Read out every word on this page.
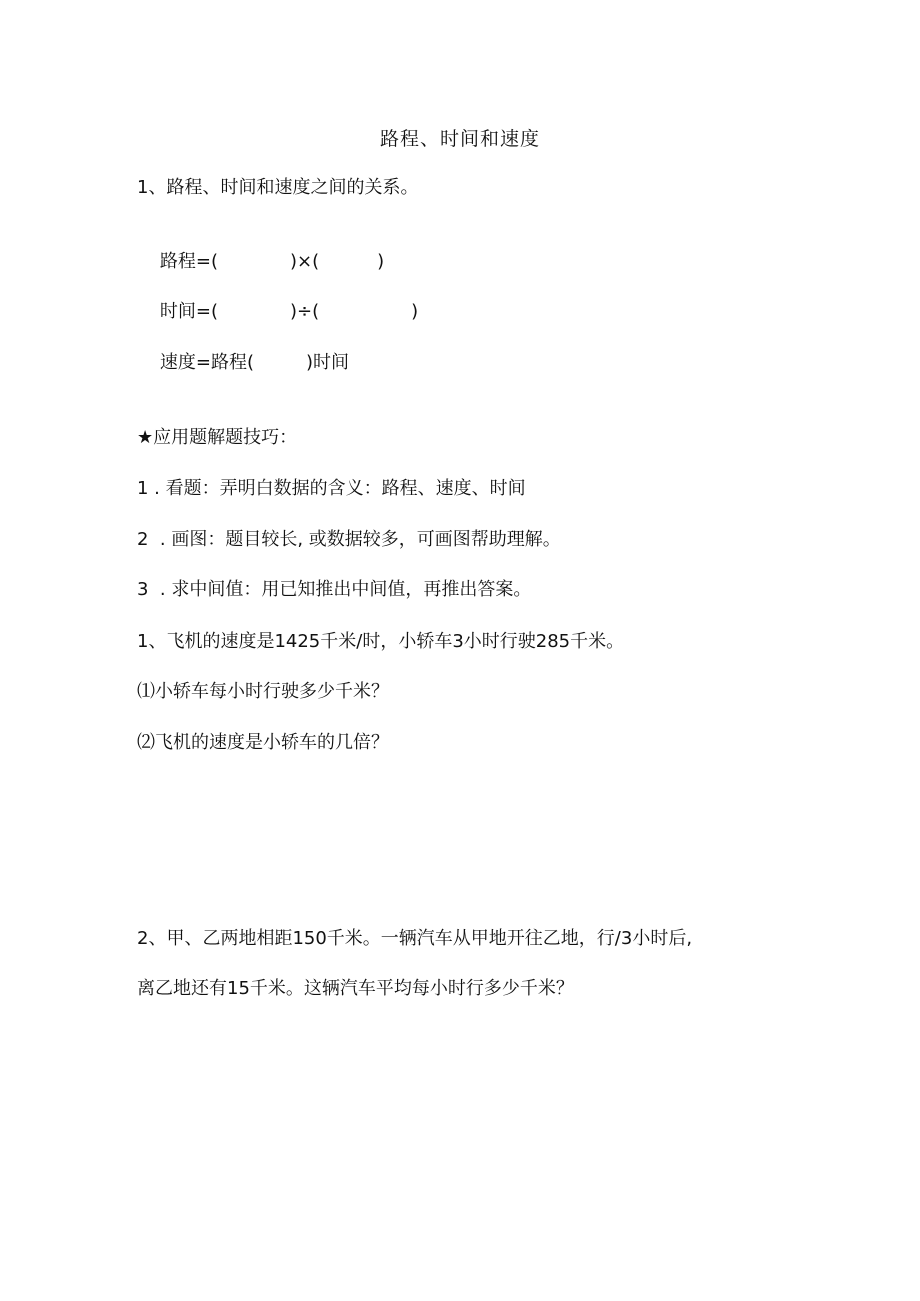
路程、时间和速度
1、路程、时间和速度之间的关系。

路程=(	)×(	)

时间=(	)÷(	)

速度=路程(	)时间

★应用题解题技巧：
1 . 看题：弄明白数据的含义：路程、速度、时间
2  . 画图：题目较长, 或数据较多，可画图帮助理解。
3  . 求中间值：用已知推出中间值，再推出答案。
1、飞机的速度是1425千米/时，小轿车3小时行驶285千米。
⑴小轿车每小时行驶多少千米？
⑵飞机的速度是小轿车的几倍？
2、甲、乙两地相距150千米。一辆汽车从甲地开往乙地，行/3小时后,
离乙地还有15千米。这辆汽车平均每小时行多少千米？
